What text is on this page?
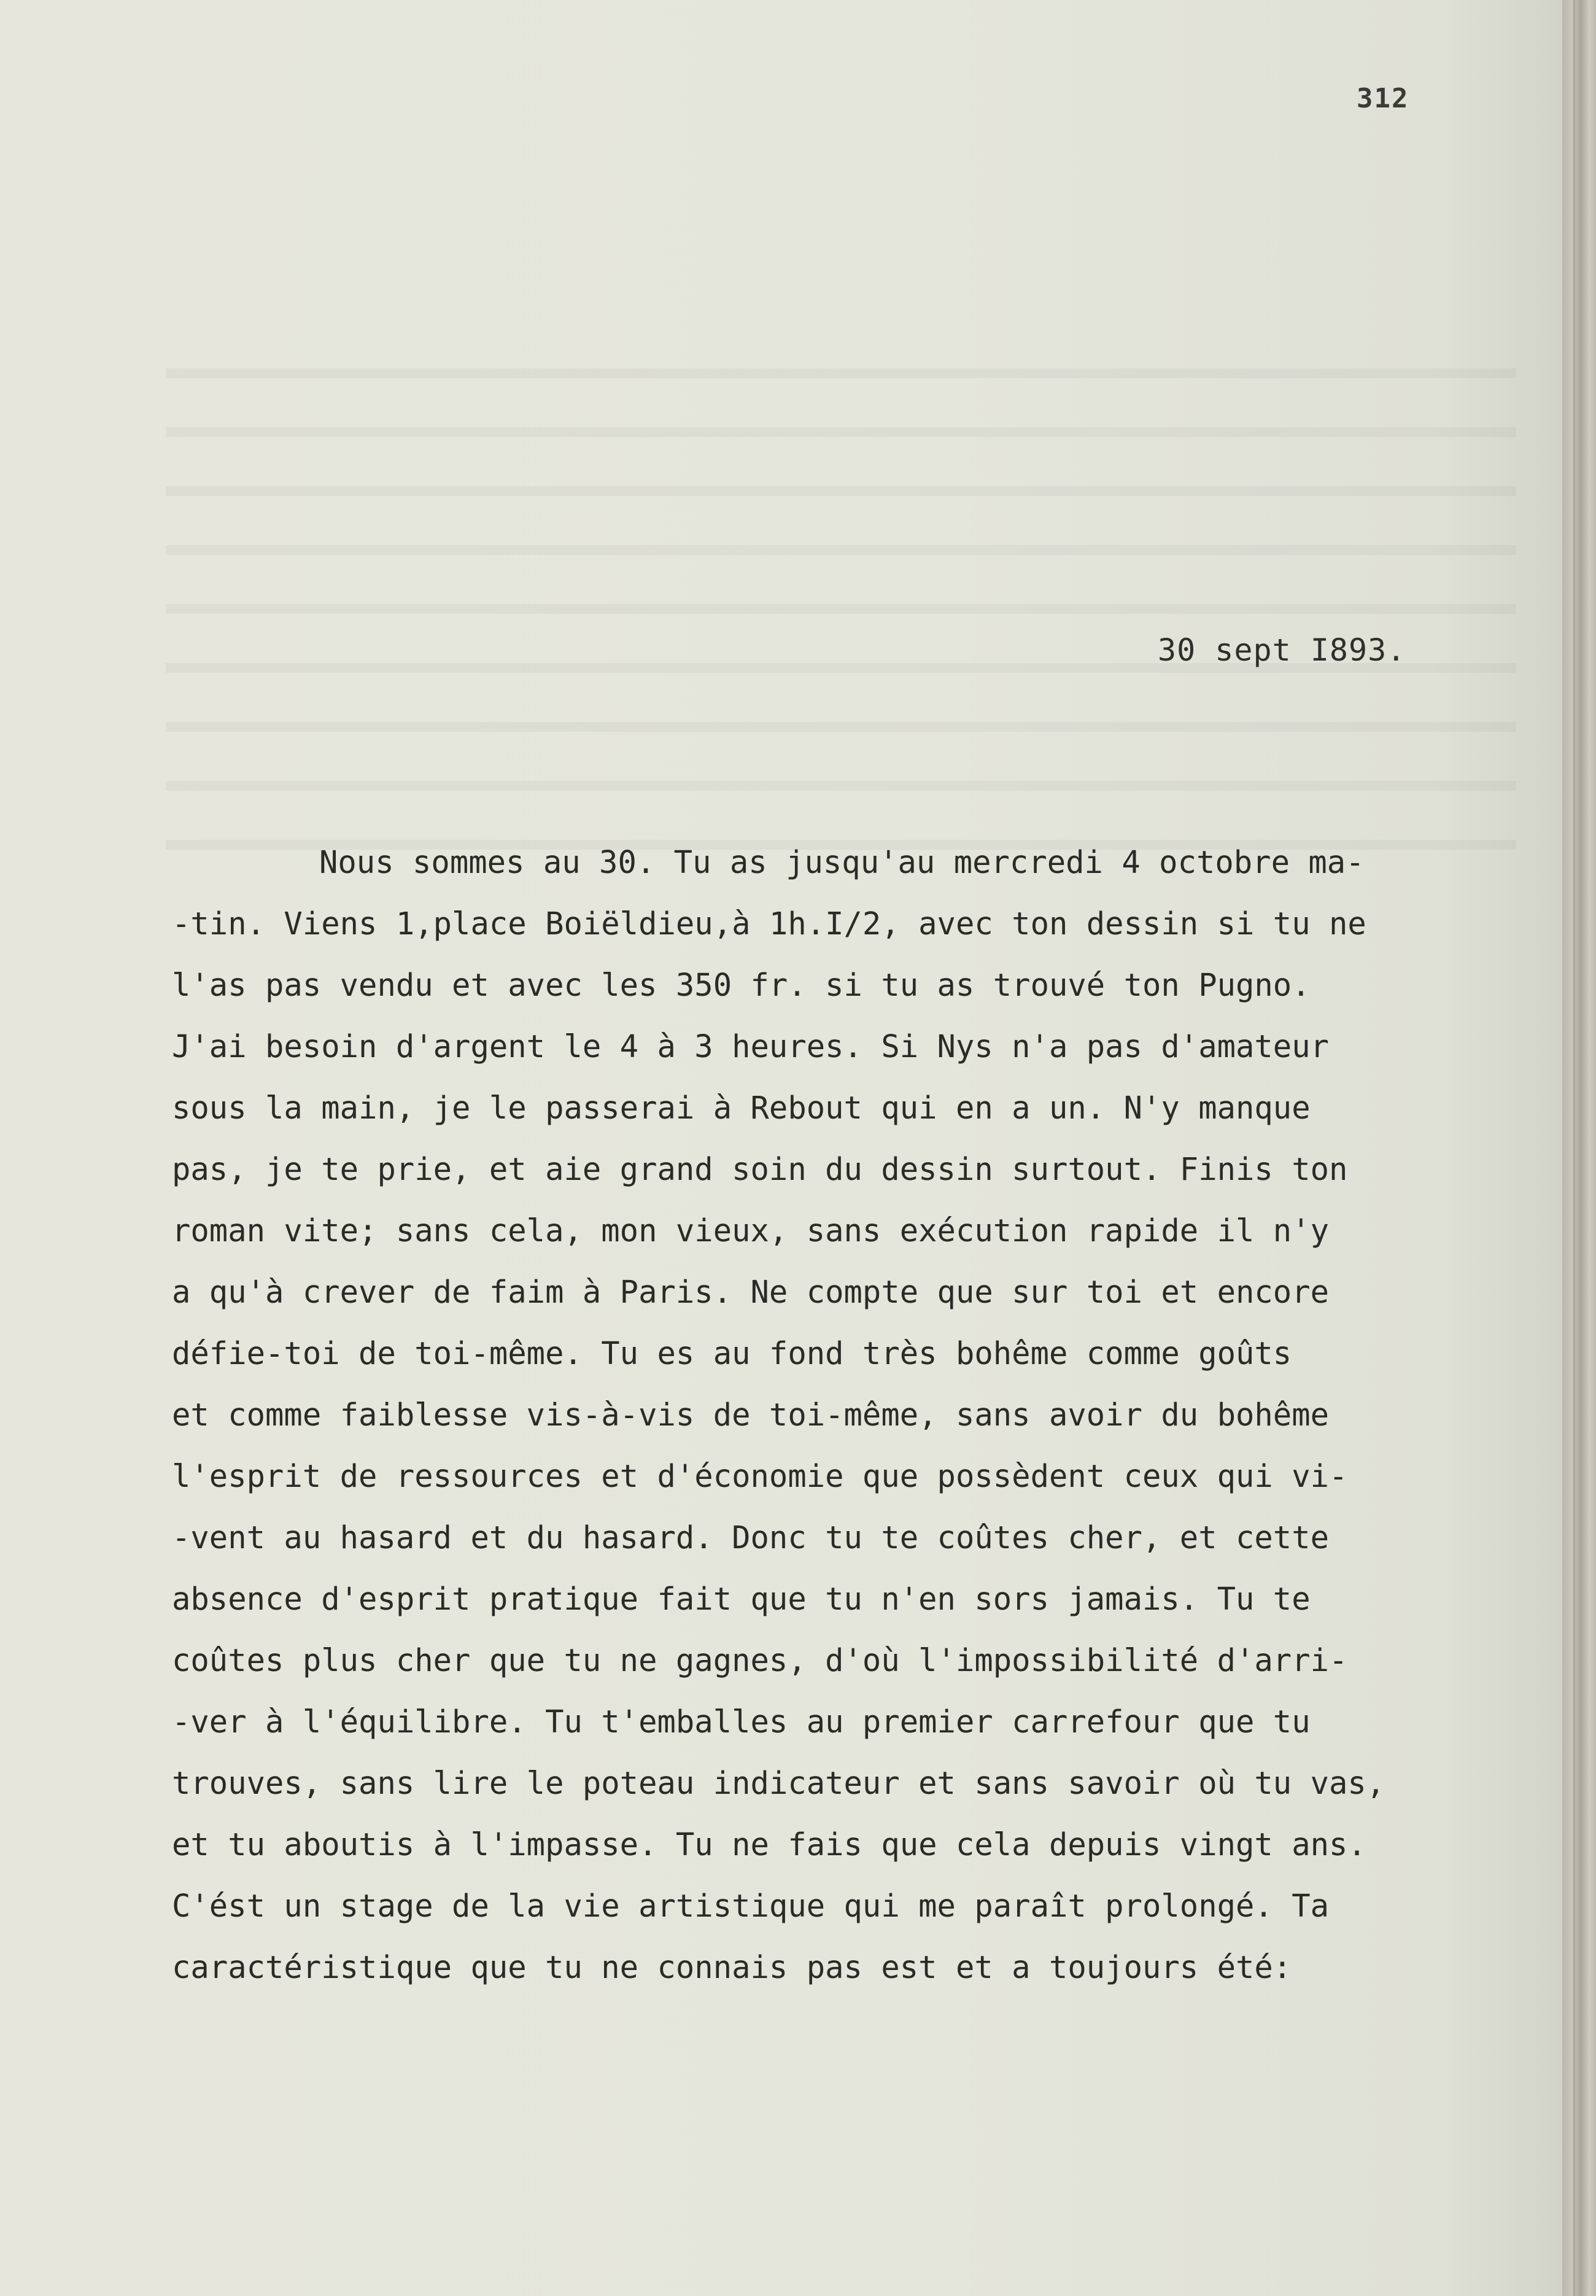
312
30 sept I893.
Nous sommes au 30. Tu as jusqu'au mercredi 4 octobre ma-
-tin. Viens 1,place Boiëldieu,à 1h.I/2, avec ton dessin si tu ne
l'as pas vendu et avec les 350 fr. si tu as trouvé ton Pugno.
J'ai besoin d'argent le 4 à 3 heures. Si Nys n'a pas d'amateur
sous la main, je le passerai à Rebout qui en a un. N'y manque
pas, je te prie, et aie grand soin du dessin surtout. Finis ton
roman vite; sans cela, mon vieux, sans exécution rapide il n'y
a qu'à crever de faim à Paris. Ne compte que sur toi et encore
défie-toi de toi-même. Tu es au fond très bohême comme goûts
et comme faiblesse vis-à-vis de toi-même, sans avoir du bohême
l'esprit de ressources et d'économie que possèdent ceux qui vi-
-vent au hasard et du hasard. Donc tu te coûtes cher, et cette
absence d'esprit pratique fait que tu n'en sors jamais. Tu te
coûtes plus cher que tu ne gagnes, d'où l'impossibilité d'arri-
-ver à l'équilibre. Tu t'emballes au premier carrefour que tu
trouves, sans lire le poteau indicateur et sans savoir où tu vas,
et tu aboutis à l'impasse. Tu ne fais que cela depuis vingt ans.
C'ést un stage de la vie artistique qui me paraît prolongé. Ta
caractéristique que tu ne connais pas est et a toujours été:
